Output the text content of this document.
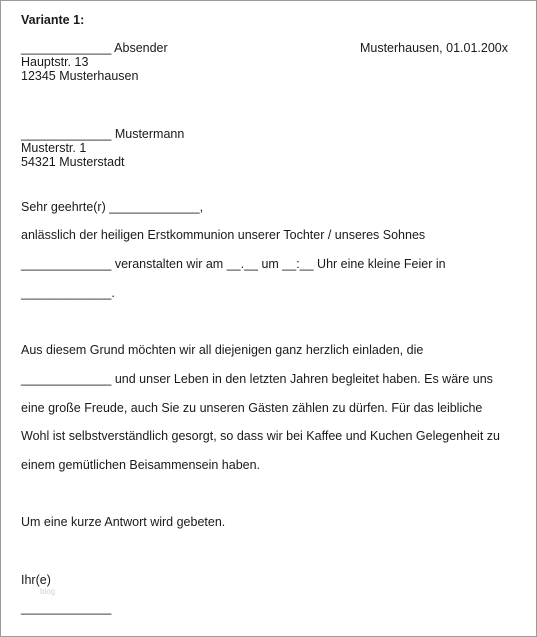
Variante 1:
_____________ Absender	Musterhausen, 01.01.200x
Hauptstr. 13
12345 Musterhausen
_____________ Mustermann
Musterstr. 1
54321 Musterstadt
Sehr geehrte(r) _____________,
anlässlich der heiligen Erstkommunion unserer Tochter / unseres Sohnes
_____________ veranstalten wir am __.__ um __:__ Uhr eine kleine Feier in
_____________.
Aus diesem Grund möchten wir all diejenigen ganz herzlich einladen, die
_____________ und unser Leben in den letzten Jahren begleitet haben. Es wäre uns
eine große Freude, auch Sie zu unseren Gästen zählen zu dürfen. Für das leibliche
Wohl ist selbstverständlich gesorgt, so dass wir bei Kaffee und Kuchen Gelegenheit zu
einem gemütlichen Beisammensein haben.
Um eine kurze Antwort wird gebeten.
Ihr(e)
blog
_____________
